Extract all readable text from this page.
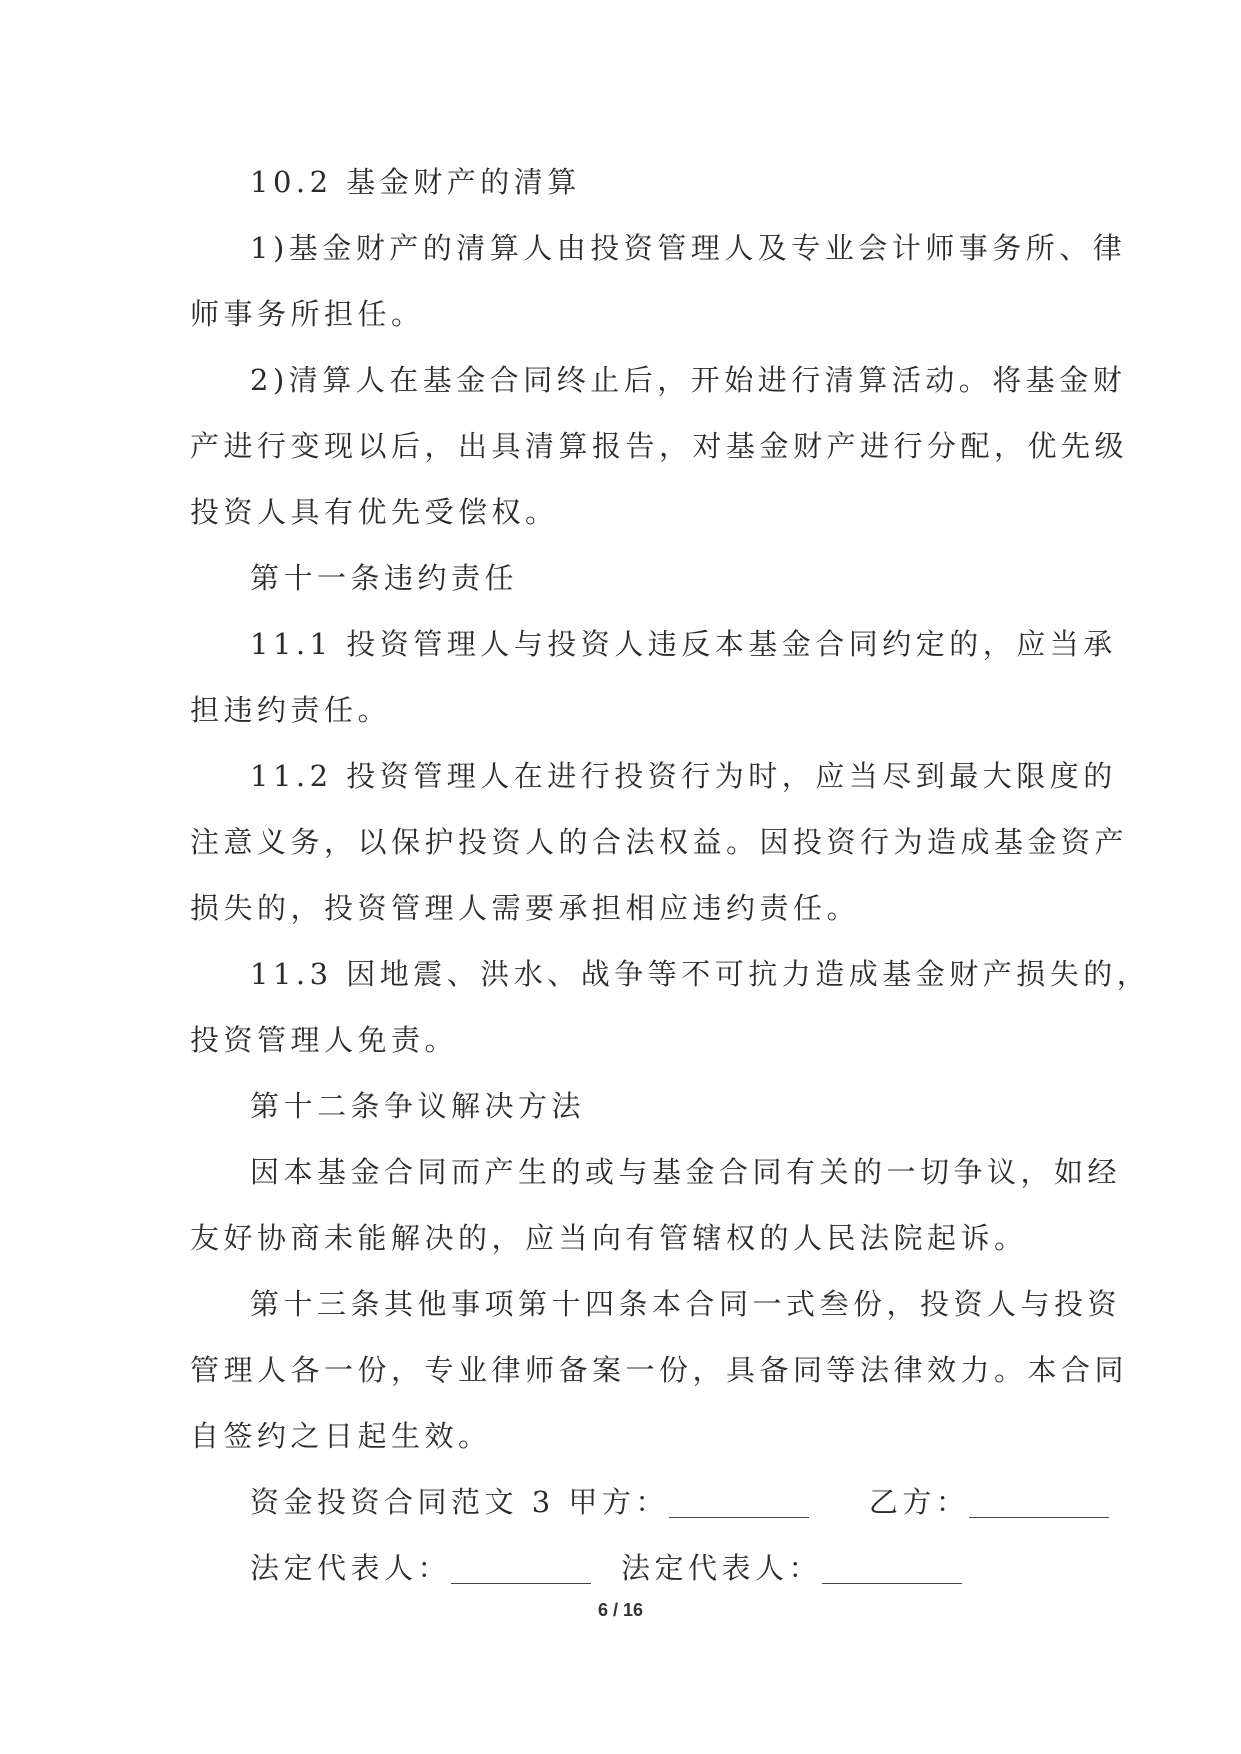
10.2 基金财产的清算
1)基金财产的清算人由投资管理人及专业会计师事务所、律
师事务所担任。
2)清算人在基金合同终止后，开始进行清算活动。将基金财
产进行变现以后，出具清算报告，对基金财产进行分配，优先级
投资人具有优先受偿权。
第十一条违约责任
11.1 投资管理人与投资人违反本基金合同约定的，应当承
担违约责任。
11.2 投资管理人在进行投资行为时，应当尽到最大限度的
注意义务，以保护投资人的合法权益。因投资行为造成基金资产
损失的，投资管理人需要承担相应违约责任。
11.3 因地震、洪水、战争等不可抗力造成基金财产损失的，
投资管理人免责。
第十二条争议解决方法
因本基金合同而产生的或与基金合同有关的一切争议，如经
友好协商未能解决的，应当向有管辖权的人民法院起诉。
第十三条其他事项第十四条本合同一式叁份，投资人与投资
管理人各一份，专业律师备案一份，具备同等法律效力。本合同
自签约之日起生效。
资金投资合同范文 3 甲方：	乙方：
法定代表人：	法定代表人：
6 / 16
